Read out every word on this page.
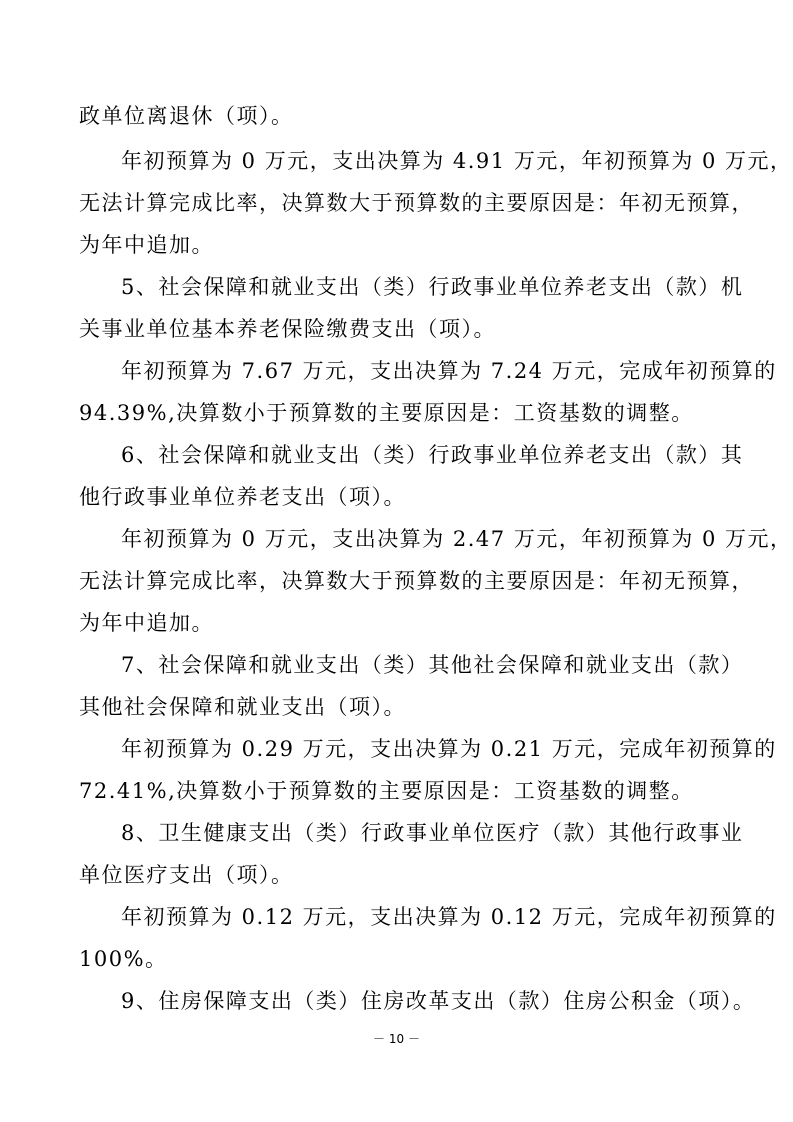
政单位离退休（项）。
年初预算为 0 万元，支出决算为 4.91 万元，年初预算为 0 万元，
无法计算完成比率，决算数大于预算数的主要原因是：年初无预算，
为年中追加。
5、社会保障和就业支出（类）行政事业单位养老支出（款）机
关事业单位基本养老保险缴费支出（项）。
年初预算为 7.67 万元，支出决算为 7.24 万元，完成年初预算的
94.39%,决算数小于预算数的主要原因是：工资基数的调整。
6、社会保障和就业支出（类）行政事业单位养老支出（款）其
他行政事业单位养老支出（项）。
年初预算为 0 万元，支出决算为 2.47 万元，年初预算为 0 万元，
无法计算完成比率，决算数大于预算数的主要原因是：年初无预算，
为年中追加。
7、社会保障和就业支出（类）其他社会保障和就业支出（款）
其他社会保障和就业支出（项）。
年初预算为 0.29 万元，支出决算为 0.21 万元，完成年初预算的
72.41%,决算数小于预算数的主要原因是：工资基数的调整。
8、卫生健康支出（类）行政事业单位医疗（款）其他行政事业
单位医疗支出（项）。
年初预算为 0.12 万元，支出决算为 0.12 万元，完成年初预算的
100%。
9、住房保障支出（类）住房改革支出（款）住房公积金（项）。
－ 10 －
